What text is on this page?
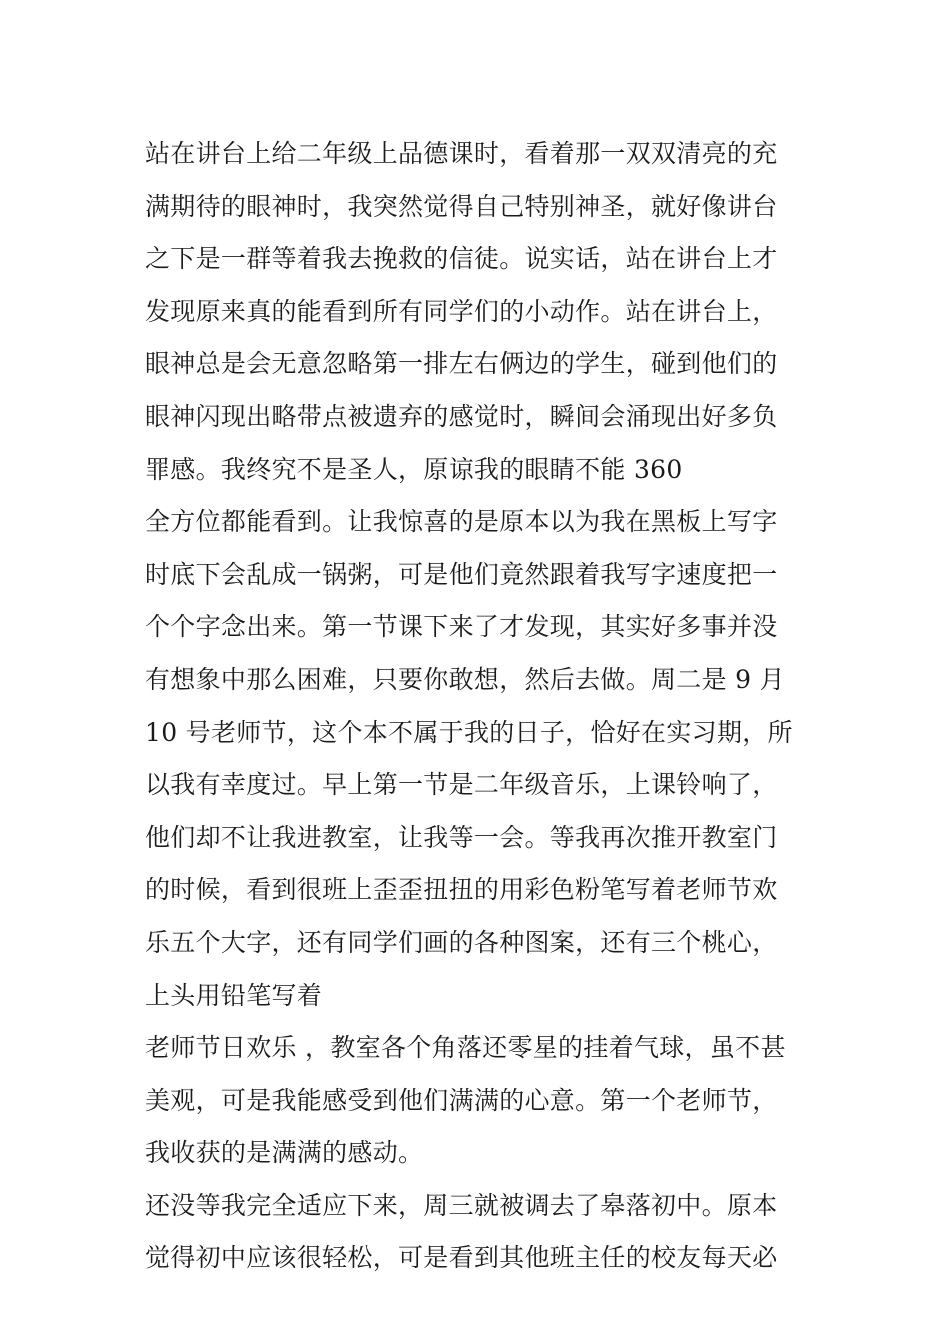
站在讲台上给二年级上品德课时，看着那一双双清亮的充
满期待的眼神时，我突然觉得自己特别神圣，就好像讲台
之下是一群等着我去挽救的信徒。说实话，站在讲台上才
发现原来真的能看到所有同学们的小动作。站在讲台上，
眼神总是会无意忽略第一排左右俩边的学生，碰到他们的
眼神闪现出略带点被遗弃的感觉时，瞬间会涌现出好多负
罪感。我终究不是圣人，原谅我的眼睛不能 360
全方位都能看到。让我惊喜的是原本以为我在黑板上写字
时底下会乱成一锅粥，可是他们竟然跟着我写字速度把一
个个字念出来。第一节课下来了才发现，其实好多事并没
有想象中那么困难，只要你敢想，然后去做。周二是 9 月
10 号老师节，这个本不属于我的日子，恰好在实习期，所
以我有幸度过。早上第一节是二年级音乐，上课铃响了，
他们却不让我进教室，让我等一会。等我再次推开教室门
的时候，看到很班上歪歪扭扭的用彩色粉笔写着老师节欢
乐五个大字，还有同学们画的各种图案，还有三个桃心，
上头用铅笔写着
老师节日欢乐 ，教室各个角落还零星的挂着气球，虽不甚
美观，可是我能感受到他们满满的心意。第一个老师节，
我收获的是满满的感动。
还没等我完全适应下来，周三就被调去了皋落初中。原本
觉得初中应该很轻松，可是看到其他班主任的校友每天必
